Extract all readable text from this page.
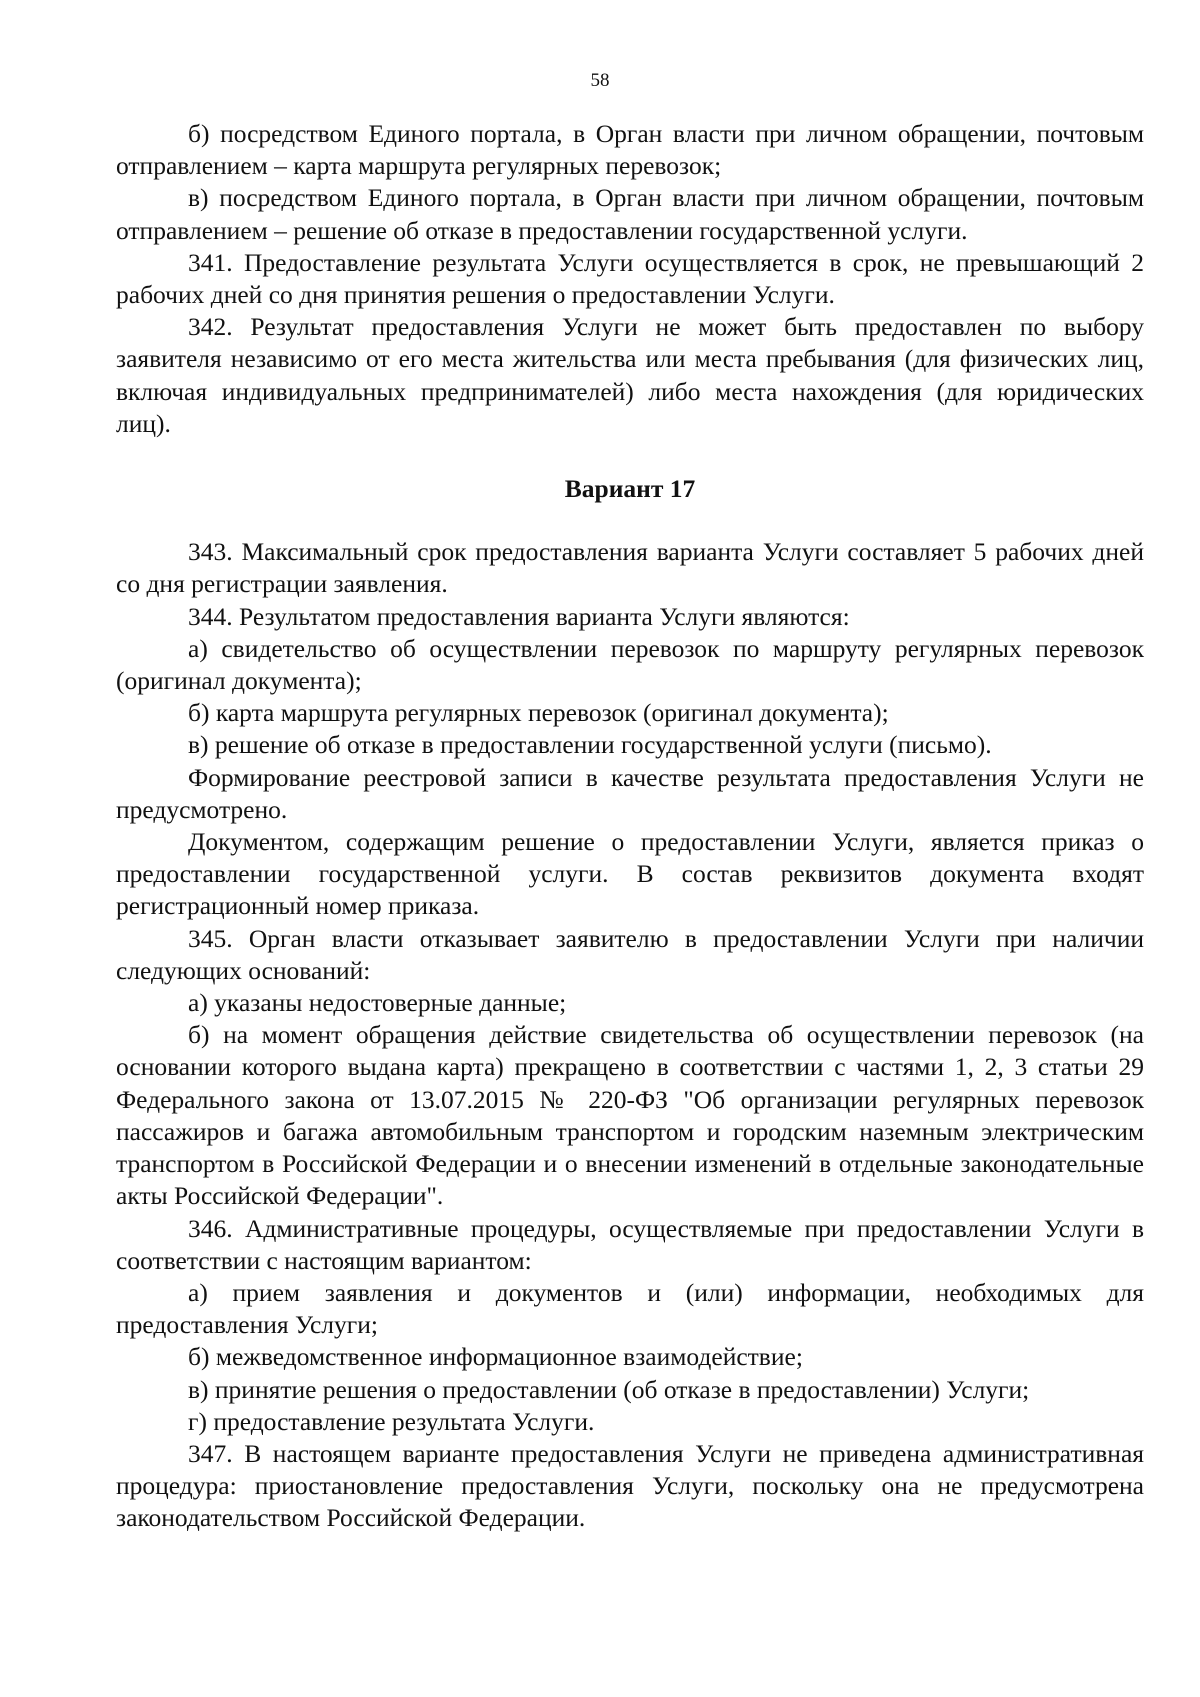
58

б) посредством Единого портала, в Орган власти при личном обращении, почтовым отправлением – карта маршрута регулярных перевозок;

в) посредством Единого портала, в Орган власти при личном обращении, почтовым отправлением – решение об отказе в предоставлении государственной услуги.

341. Предоставление результата Услуги осуществляется в срок, не превышающий 2 рабочих дней со дня принятия решения о предоставлении Услуги.

342. Результат предоставления Услуги не может быть предоставлен по выбору заявителя независимо от его места жительства или места пребывания (для физических лиц, включая индивидуальных предпринимателей) либо места нахождения (для юридических лиц).

Вариант 17

343. Максимальный срок предоставления варианта Услуги составляет 5 рабочих дней со дня регистрации заявления.

344. Результатом предоставления варианта Услуги являются:

а) свидетельство об осуществлении перевозок по маршруту регулярных перевозок (оригинал документа);

б) карта маршрута регулярных перевозок (оригинал документа);

в) решение об отказе в предоставлении государственной услуги (письмо).

Формирование реестровой записи в качестве результата предоставления Услуги не предусмотрено.

Документом, содержащим решение о предоставлении Услуги, является приказ о предоставлении государственной услуги. В состав реквизитов документа входят регистрационный номер приказа.

345. Орган власти отказывает заявителю в предоставлении Услуги при наличии следующих оснований:

а) указаны недостоверные данные;

б) на момент обращения действие свидетельства об осуществлении перевозок (на основании которого выдана карта) прекращено в соответствии с частями 1, 2, 3 статьи 29 Федерального закона от 13.07.2015 № 220-ФЗ "Об организации регулярных перевозок пассажиров и багажа автомобильным транспортом и городским наземным электрическим транспортом в Российской Федерации и о внесении изменений в отдельные законодательные акты Российской Федерации".

346. Административные процедуры, осуществляемые при предоставлении Услуги в соответствии с настоящим вариантом:

а) прием заявления и документов и (или) информации, необходимых для предоставления Услуги;

б) межведомственное информационное взаимодействие;

в) принятие решения о предоставлении (об отказе в предоставлении) Услуги;

г) предоставление результата Услуги.

347. В настоящем варианте предоставления Услуги не приведена административная процедура: приостановление предоставления Услуги, поскольку она не предусмотрена законодательством Российской Федерации.
